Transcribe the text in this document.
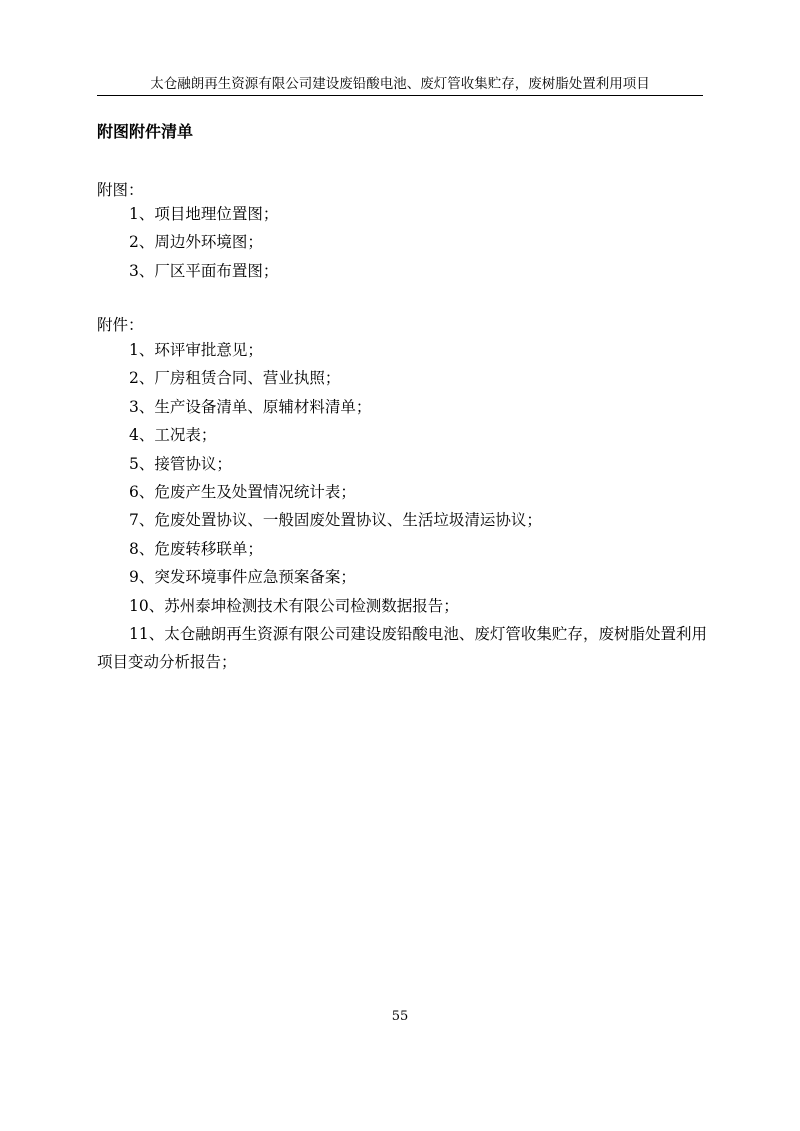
太仓融朗再生资源有限公司建设废铅酸电池、废灯管收集贮存，废树脂处置利用项目
附图附件清单
附图：
1、项目地理位置图；
2、周边外环境图；
3、厂区平面布置图；
附件：
1、环评审批意见；
2、厂房租赁合同、营业执照；
3、生产设备清单、原辅材料清单；
4、工况表；
5、接管协议；
6、危废产生及处置情况统计表；
7、危废处置协议、一般固废处置协议、生活垃圾清运协议；
8、危废转移联单；
9、突发环境事件应急预案备案；
10、苏州泰坤检测技术有限公司检测数据报告；
11、太仓融朗再生资源有限公司建设废铅酸电池、废灯管收集贮存，废树脂处置利用项目变动分析报告；
55
